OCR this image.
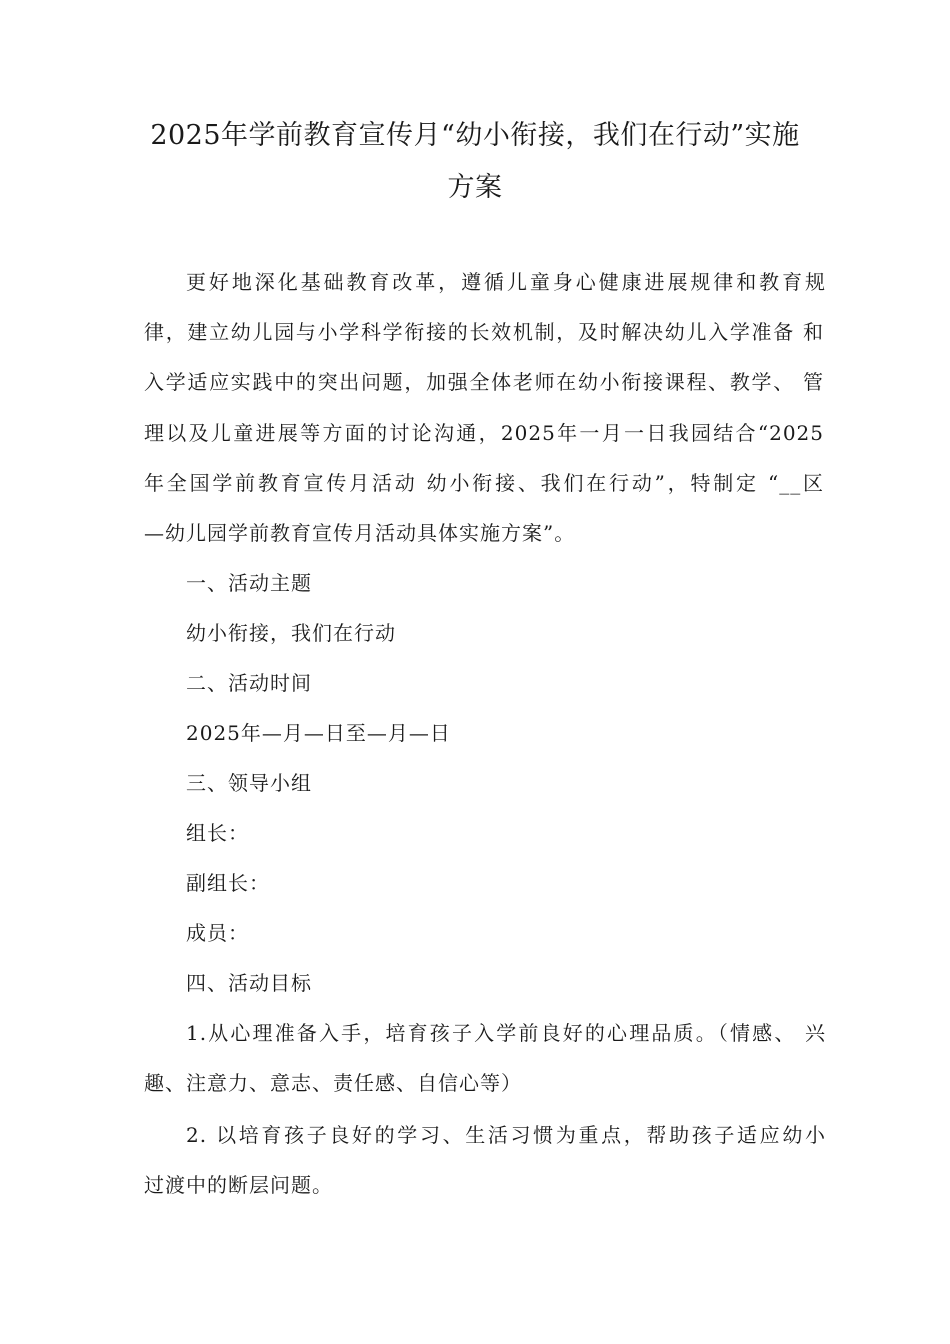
2025年学前教育宣传月“幼小衔接，我们在行动”实施
方案
更好地深化基础教育改革，遵循儿童身心健康进展规律和教育规
律，建立幼儿园与小学科学衔接的长效机制，及时解决幼儿入学准备 和
入学适应实践中的突出问题，加强全体老师在幼小衔接课程、教学、 管
理以及儿童进展等方面的讨论沟通，2025年一月一日我园结合“2025
年全国学前教育宣传月活动 幼小衔接、我们在行动”，特制定 “__区
—幼儿园学前教育宣传月活动具体实施方案”。
一、活动主题
幼小衔接，我们在行动
二、活动时间
2025年—月—日至—月—日
三、领导小组
组长：
副组长：
成员：
四、活动目标
1.从心理准备入手，培育孩子入学前良好的心理品质。（情感、 兴
趣、注意力、意志、责任感、自信心等）
2. 以培育孩子良好的学习、生活习惯为重点，帮助孩子适应幼小
过渡中的断层问题。
